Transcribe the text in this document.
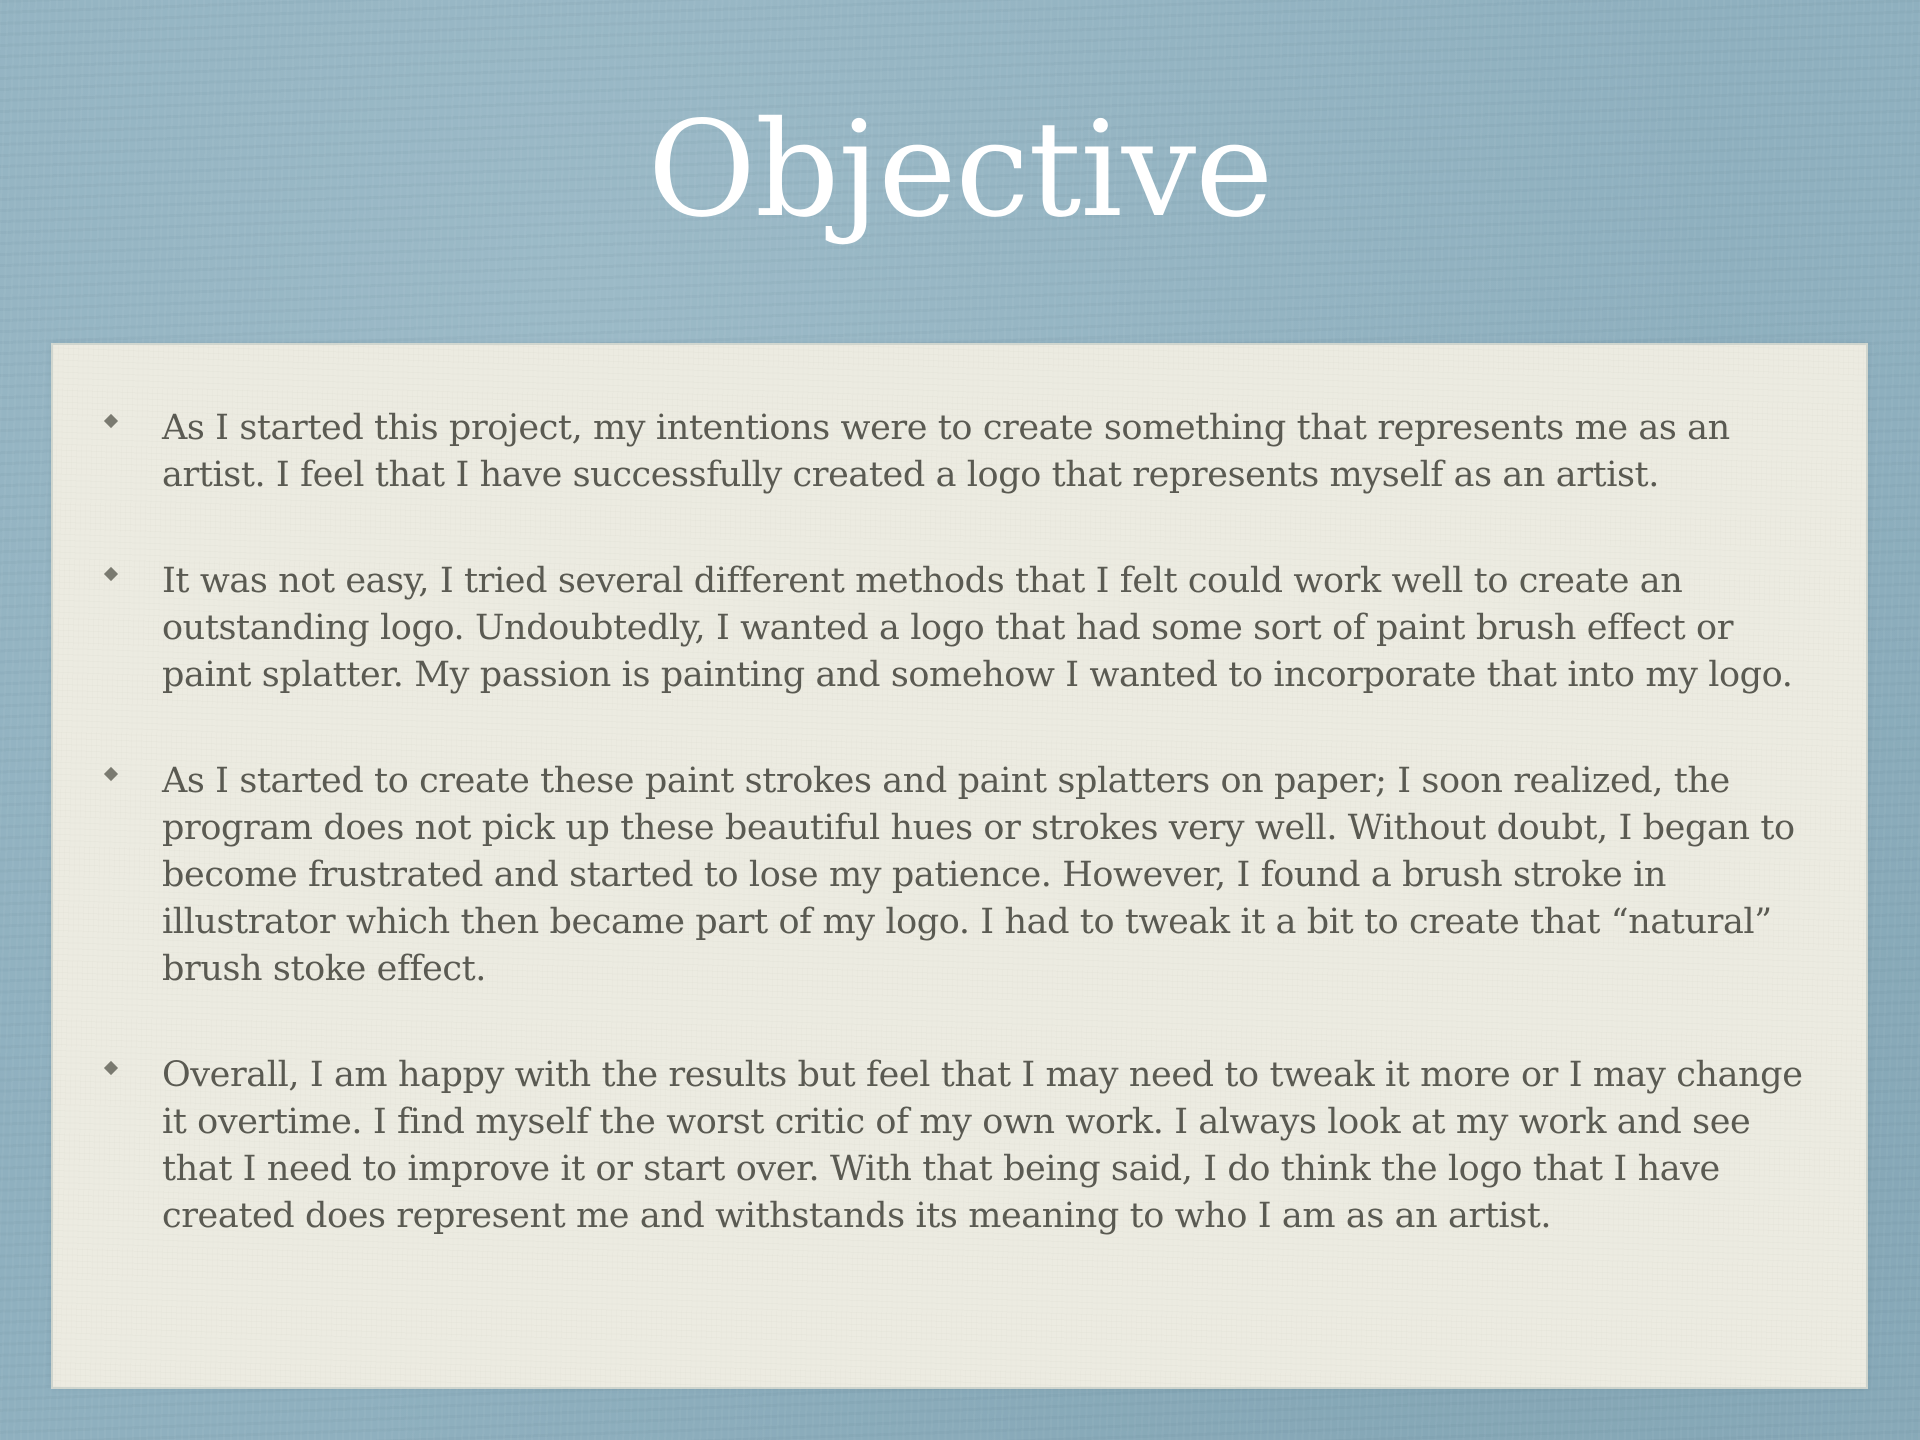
Objective
As I started this project, my intentions were to create something that represents me as an artist. I feel that I have successfully created a logo that represents myself as an artist.
It was not easy, I tried several different methods that I felt could work well to create an outstanding logo. Undoubtedly, I wanted a logo that had some sort of paint brush effect or paint splatter. My passion is painting and somehow I wanted to incorporate that into my logo.
As I started to create these paint strokes and paint splatters on paper; I soon realized, the program does not pick up these beautiful hues or strokes very well. Without doubt, I began to become frustrated and started to lose my patience. However, I found a brush stroke in illustrator which then became part of my logo. I had to tweak it a bit to create that “natural” brush stoke effect.
Overall, I am happy with the results but feel that I may need to tweak it more or I may change it overtime. I find myself the worst critic of my own work. I always look at my work and see that I need to improve it or start over. With that being said, I do think the logo that I have created does represent me and withstands its meaning to who I am as an artist.
